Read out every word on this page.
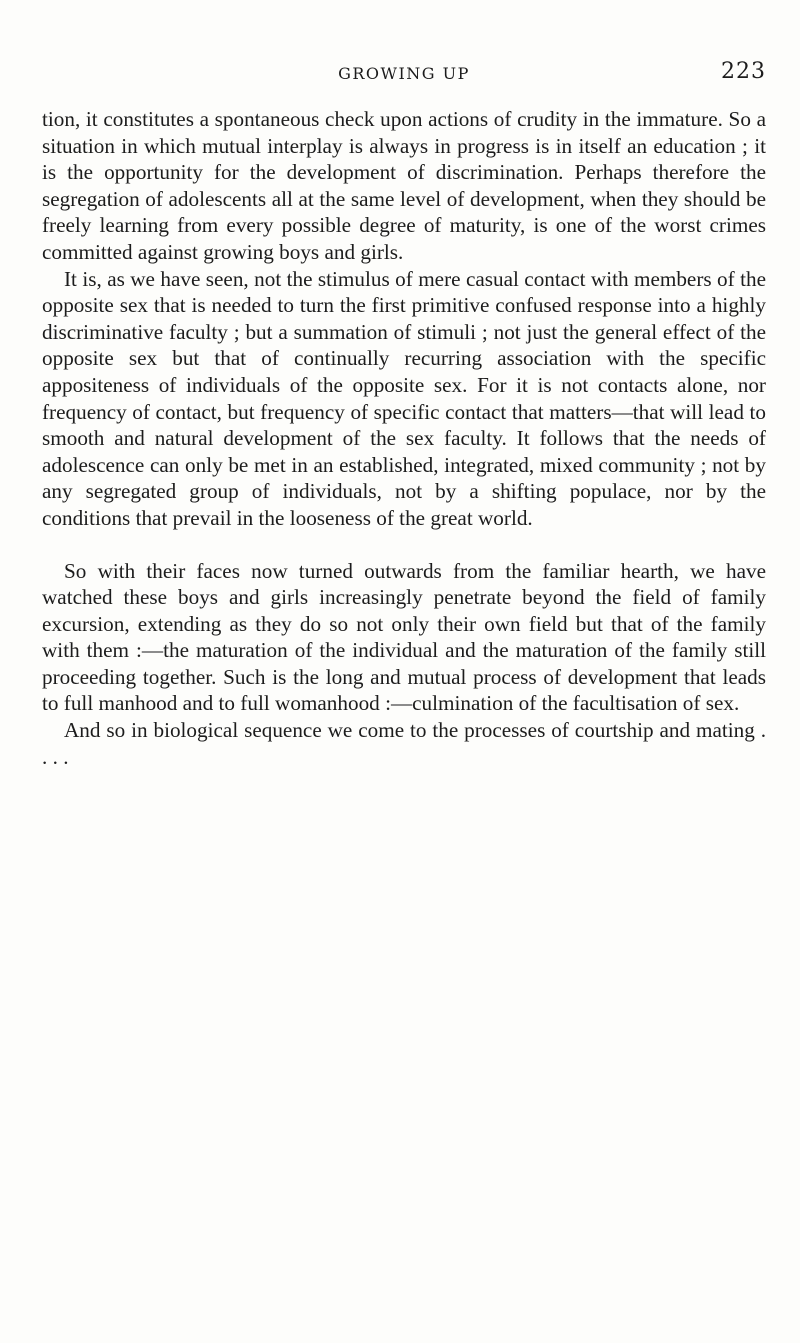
GROWING UP	223

tion, it constitutes a spontaneous check upon actions of crudity in the immature. So a situation in which mutual interplay is always in progress is in itself an education ; it is the opportunity for the development of discrimination. Perhaps therefore the segregation of adolescents all at the same level of development, when they should be freely learning from every possible degree of maturity, is one of the worst crimes committed against growing boys and girls.

It is, as we have seen, not the stimulus of mere casual contact with members of the opposite sex that is needed to turn the first primitive confused response into a highly discriminative faculty ; but a summation of stimuli ; not just the general effect of the opposite sex but that of continually recurring association with the specific appositeness of individuals of the opposite sex. For it is not contacts alone, nor frequency of contact, but frequency of specific contact that matters—that will lead to smooth and natural development of the sex faculty. It follows that the needs of adolescence can only be met in an established, integrated, mixed community ; not by any segregated group of individuals, not by a shifting populace, nor by the conditions that prevail in the looseness of the great world.

So with their faces now turned outwards from the familiar hearth, we have watched these boys and girls increasingly penetrate beyond the field of family excursion, extending as they do so not only their own field but that of the family with them :—the maturation of the individual and the maturation of the family still proceeding together. Such is the long and mutual process of development that leads to full manhood and to full womanhood :—culmination of the facultisation of sex.

And so in biological sequence we come to the processes of courtship and mating . . . .
